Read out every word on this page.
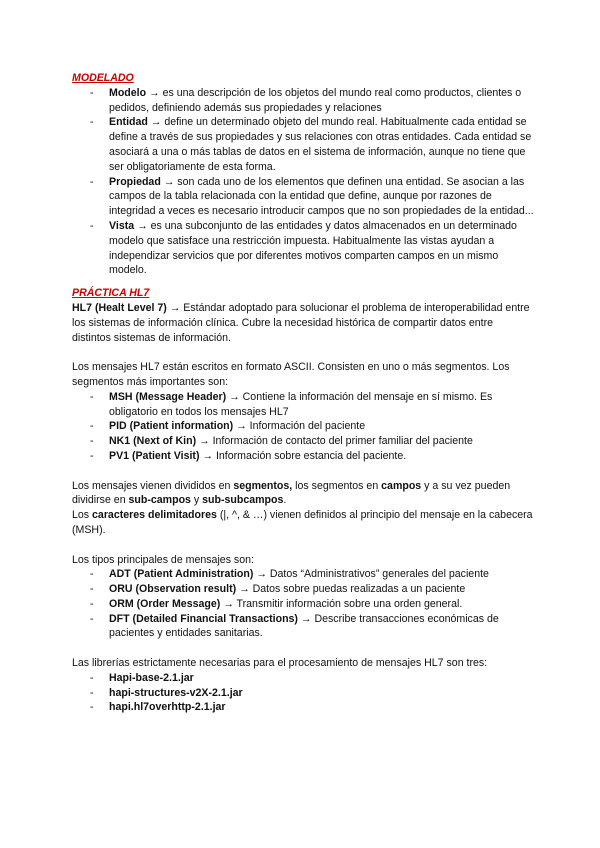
MODELADO

- Modelo → es una descripción de los objetos del mundo real como productos, clientes o pedidos, definiendo además sus propiedades y relaciones
- Entidad → define un determinado objeto del mundo real. Habitualmente cada entidad se define a través de sus propiedades y sus relaciones con otras entidades. Cada entidad se asociará a una o más tablas de datos en el sistema de información, aunque no tiene que ser obligatoriamente de esta forma.
- Propiedad → son cada uno de los elementos que definen una entidad. Se asocian a las campos de la tabla relacionada con la entidad que define, aunque por razones de integridad a veces es necesario introducir campos que no son propiedades de la entidad...
- Vista → es una subconjunto de las entidades y datos almacenados en un determinado modelo que satisface una restricción impuesta. Habitualmente las vistas ayudan a independizar servicios que por diferentes motivos comparten campos en un mismo modelo.

PRÁCTICA HL7

HL7 (Healt Level 7) → Estándar adoptado para solucionar el problema de interoperabilidad entre los sistemas de información clínica. Cubre la necesidad histórica de compartir datos entre distintos sistemas de información.

Los mensajes HL7 están escritos en formato ASCII. Consisten en uno o más segmentos. Los segmentos más importantes son:

- MSH (Message Header) → Contiene la información del mensaje en sí mismo. Es obligatorio en todos los mensajes HL7
- PID (Patient information) → Información del paciente
- NK1 (Next of Kin) → Información de contacto del primer familiar del paciente
- PV1 (Patient Visit) → Información sobre estancia del paciente.

Los mensajes vienen divididos en segmentos, los segmentos en campos y a su vez pueden dividirse en sub-campos y sub-subcampos.

Los caracteres delimitadores (|, ^, & …) vienen definidos al principio del mensaje en la cabecera (MSH).

Los tipos principales de mensajes son:

- ADT (Patient Administration) → Datos “Administrativos” generales del paciente
- ORU (Observation result) → Datos sobre puedas realizadas a un paciente
- ORM (Order Message) → Transmitir información sobre una orden general.
- DFT (Detailed Financial Transactions) → Describe transacciones económicas de pacientes y entidades sanitarias.

Las librerías estrictamente necesarias para el procesamiento de mensajes HL7 son tres:

- Hapi-base-2.1.jar
- hapi-structures-v2X-2.1.jar
- hapi.hl7overhttp-2.1.jar
